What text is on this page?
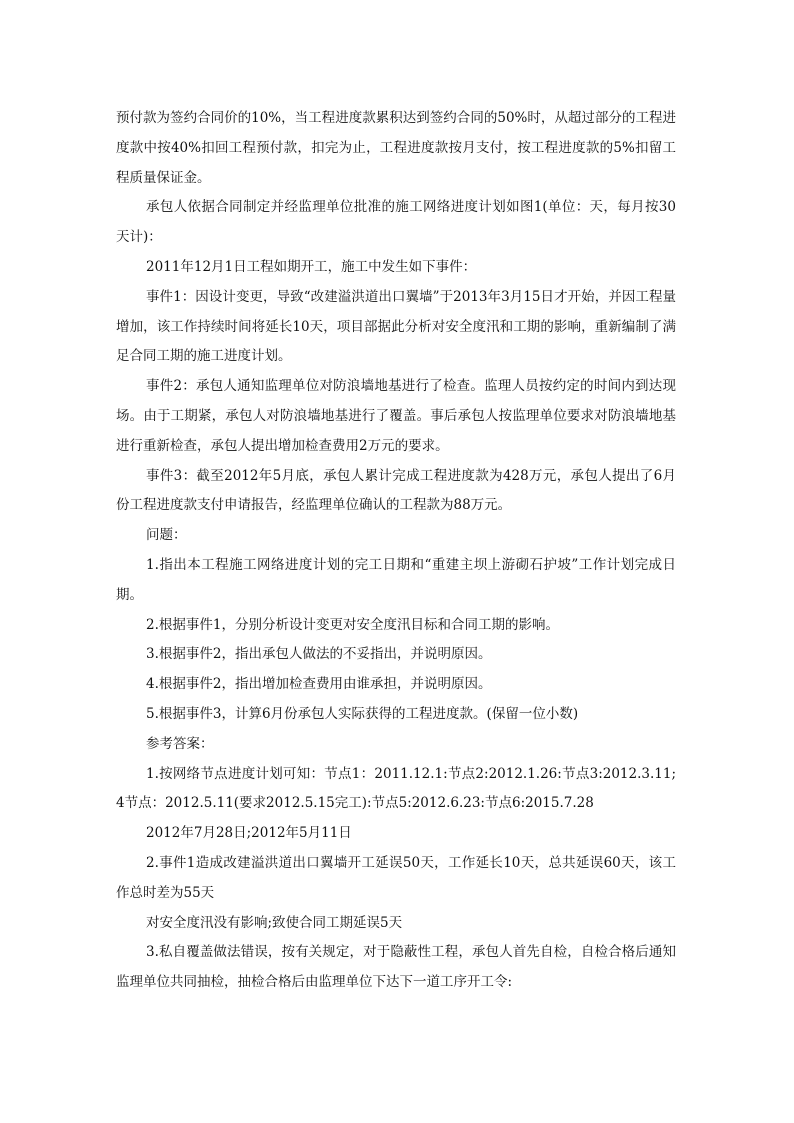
预付款为签约合同价的10%，当工程进度款累积达到签约合同的50%时，从超过部分的工程进度款中按40%扣回工程预付款，扣完为止，工程进度款按月支付，按工程进度款的5%扣留工程质量保证金。

承包人依据合同制定并经监理单位批准的施工网络进度计划如图1(单位：天，每月按30天计)：

2011年12月1日工程如期开工，施工中发生如下事件：

事件1：因设计变更，导致“改建溢洪道出口翼墙”于2013年3月15日才开始，并因工程量增加，该工作持续时间将延长10天，项目部据此分析对安全度汛和工期的影响，重新编制了满足合同工期的施工进度计划。

事件2：承包人通知监理单位对防浪墙地基进行了检查。监理人员按约定的时间内到达现场。由于工期紧，承包人对防浪墙地基进行了覆盖。事后承包人按监理单位要求对防浪墙地基进行重新检查，承包人提出增加检查费用2万元的要求。

事件3：截至2012年5月底，承包人累计完成工程进度款为428万元，承包人提出了6月份工程进度款支付申请报告，经监理单位确认的工程款为88万元。

问题：

1.指出本工程施工网络进度计划的完工日期和“重建主坝上游砌石护坡”工作计划完成日期。

2.根据事件1，分别分析设计变更对安全度汛目标和合同工期的影响。

3.根据事件2，指出承包人做法的不妥指出，并说明原因。

4.根据事件2，指出增加检查费用由谁承担，并说明原因。

5.根据事件3，计算6月份承包人实际获得的工程进度款。(保留一位小数)

参考答案：

1.按网络节点进度计划可知：节点1：2011.12.1:节点2:2012.1.26:节点3:2012.3.11;4节点：2012.5.11(要求2012.5.15完工):节点5:2012.6.23:节点6:2015.7.28

2012年7月28日;2012年5月11日

2.事件1造成改建溢洪道出口翼墙开工延误50天，工作延长10天，总共延误60天，该工作总时差为55天

对安全度汛没有影响;致使合同工期延误5天

3.私自覆盖做法错误，按有关规定，对于隐蔽性工程，承包人首先自检，自检合格后通知监理单位共同抽检，抽检合格后由监理单位下达下一道工序开工令:
